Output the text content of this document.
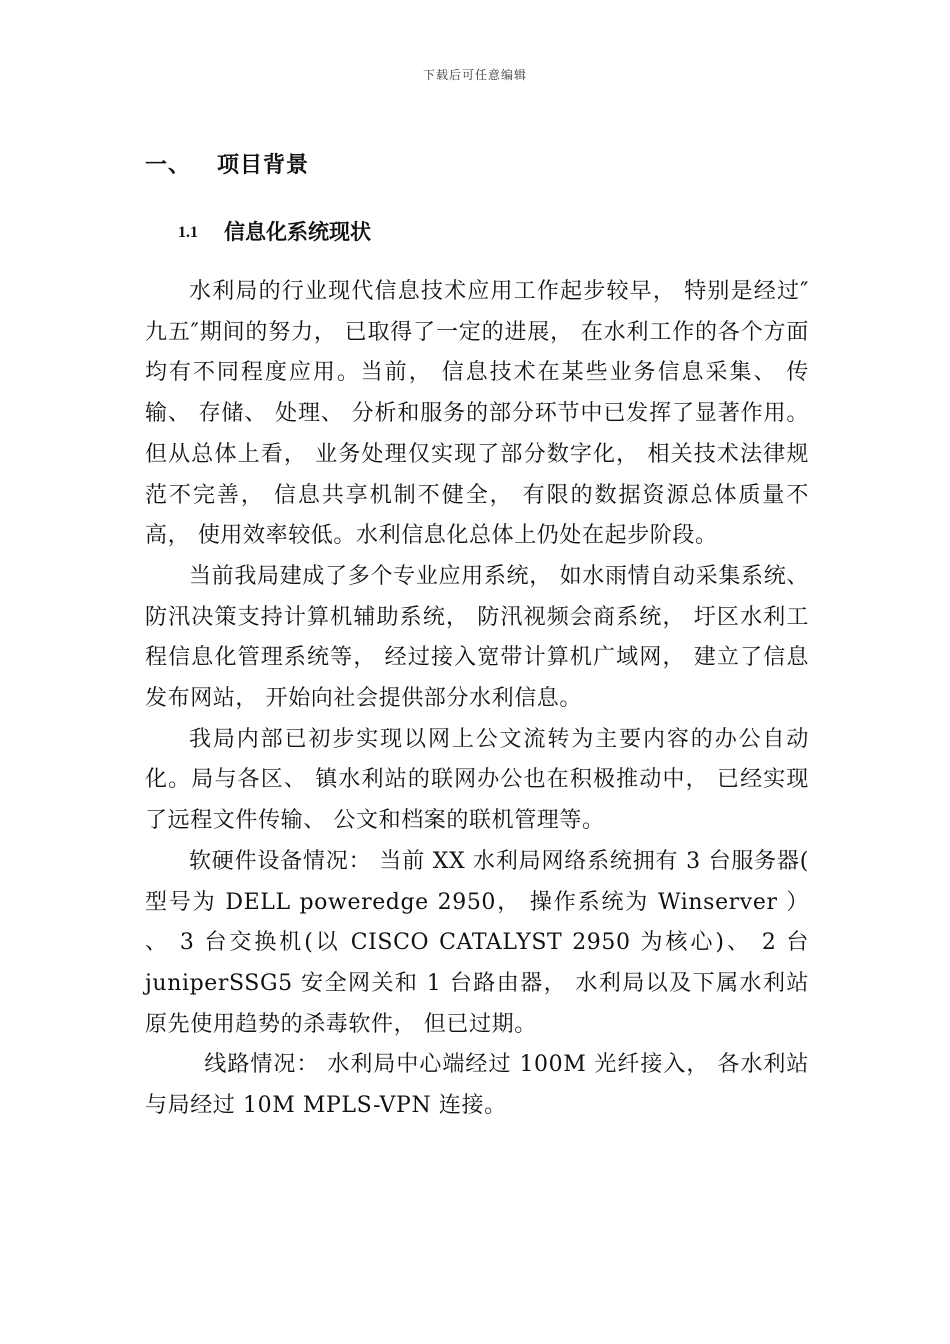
下载后可任意编辑
一、 项目背景
1.1 信息化系统现状

水利局的行业现代信息技术应用工作起步较早， 特别是经过″九五″期间的努力， 已取得了一定的进展， 在水利工作的各个方面均有不同程度应用。当前， 信息技术在某些业务信息采集、 传输、 存储、 处理、 分析和服务的部分环节中已发挥了显著作用。但从总体上看， 业务处理仅实现了部分数字化， 相关技术法律规范不完善， 信息共享机制不健全， 有限的数据资源总体质量不高， 使用效率较低。水利信息化总体上仍处在起步阶段。

当前我局建成了多个专业应用系统， 如水雨情自动采集系统、 防汛决策支持计算机辅助系统， 防汛视频会商系统， 圩区水利工程信息化管理系统等， 经过接入宽带计算机广域网， 建立了信息发布网站， 开始向社会提供部分水利信息。

我局内部已初步实现以网上公文流转为主要内容的办公自动化。局与各区、 镇水利站的联网办公也在积极推动中， 已经实现了远程文件传输、 公文和档案的联机管理等。

软硬件设备情况： 当前 XX 水利局网络系统拥有 3 台服务器( 型号为 DELL poweredge 2950， 操作系统为 Winserver ） 、 3 台交换机(以 CISCO CATALYST 2950 为核心)、 2 台 juniperSSG5 安全网关和 1 台路由器， 水利局以及下属水利站原先使用趋势的杀毒软件， 但已过期。

线路情况： 水利局中心端经过 100M 光纤接入， 各水利站与局经过 10M MPLS-VPN 连接。
